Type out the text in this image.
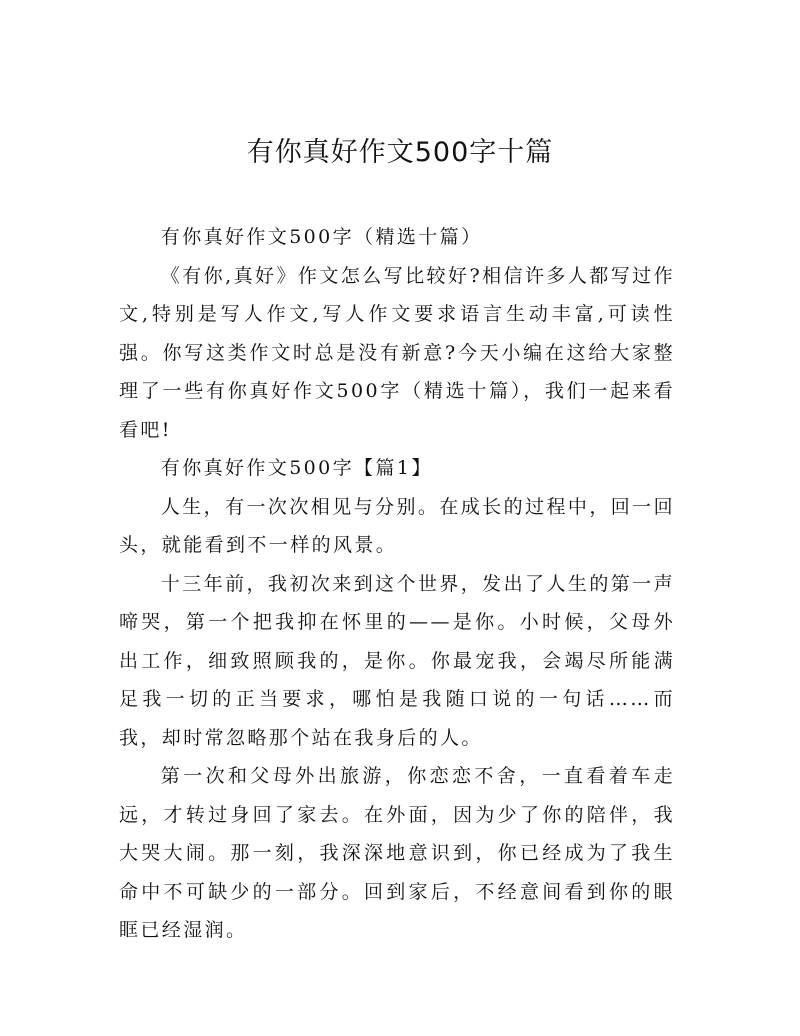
有你真好作文500字十篇

有你真好作文500字（精选十篇）

《有你,真好》作文怎么写比较好?相信许多人都写过作文,特别是写人作文,写人作文要求语言生动丰富,可读性强。你写这类作文时总是没有新意?今天小编在这给大家整理了一些有你真好作文500字（精选十篇），我们一起来看看吧!

有你真好作文500字【篇1】

人生，有一次次相见与分别。在成长的过程中，回一回头，就能看到不一样的风景。

十三年前，我初次来到这个世界，发出了人生的第一声啼哭，第一个把我抑在怀里的——是你。小时候，父母外出工作，细致照顾我的，是你。你最宠我，会竭尽所能满足我一切的正当要求，哪怕是我随口说的一句话……而我，却时常忽略那个站在我身后的人。

第一次和父母外出旅游，你恋恋不舍，一直看着车走远，才转过身回了家去。在外面，因为少了你的陪伴，我大哭大闹。那一刻，我深深地意识到，你已经成为了我生命中不可缺少的一部分。回到家后，不经意间看到你的眼眶已经湿润。
